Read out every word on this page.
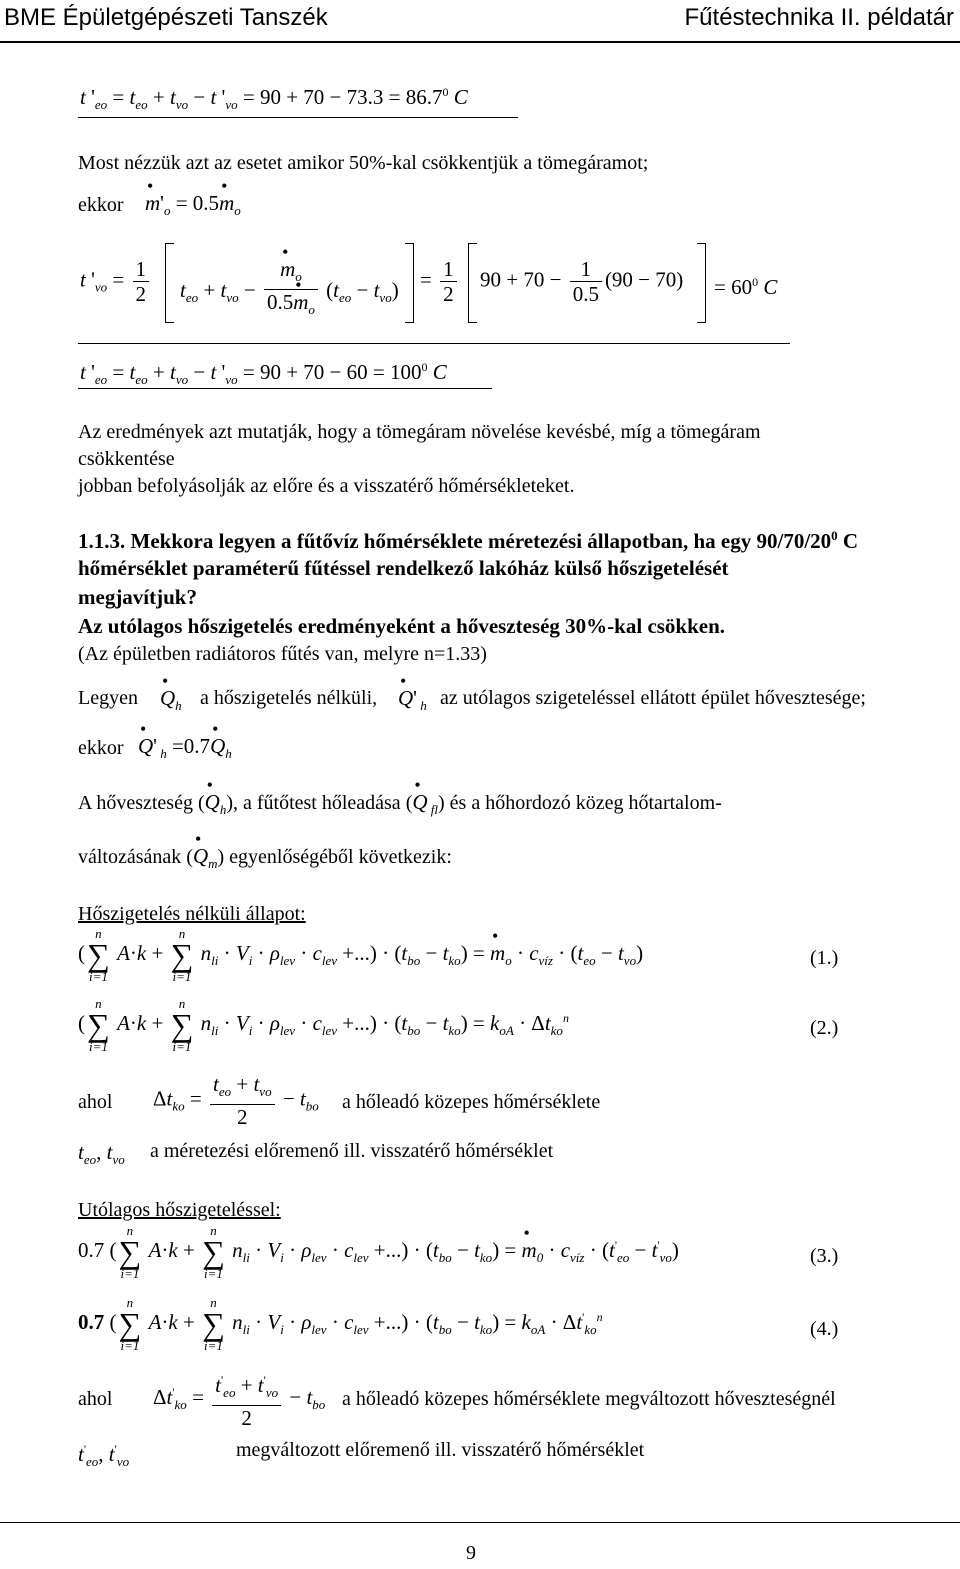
BME Épületgépészeti Tanszék	Fűtéstechnika II. példatár
t '$_{eo} = t_{eo} + t_{vo} - t$ '$_{vo} = 90 + 70 - 73.3 = 86.7^0$ C
Most nézzük azt az esetet amikor 50%-kal csökkentjük a tömegáramot;
ekkor • $m'_o$ = 0.5• $m_o$
t '$_{vo} = \frac{1}{2} t_{eo} + t_{vo}$ − • $\frac{m_o}{0.5• m_o} (t_{eo} - t_{vo}) = \frac{1}{2} 90 + 70 - \frac{1}{0.5} (90 - 70) = 60^0$ C
t '$_{eo} = t_{eo} + t_{vo} - t$ '$_{vo} = 90 + 70 - 60 = 100^0$ C
Az eredmények azt mutatják, hogy a tömegáram növelése kevésbé, míg a tömegáram
csökkentése
jobban befolyásolják az előre és a visszatérő hőmérsékleteket.
1.1.3. Mekkora legyen a fűtővíz hőmérséklete méretezési állapotban, ha egy $90/70/20^0$ C
hőmérséklet paraméterű fűtéssel rendelkező lakóház külső hőszigetelését
megjavítjuk?
Az utólagos hőszigetelés eredményeként a hőveszteség 30%-kal csökken.
(Az épületben radiátoros fűtés van, melyre n=1.33)
Legyen • $Q_h$ a hőszigetelés nélküli, • Q' $_h$ az utólagos szigeteléssel ellátott épület hővesztesége;
ekkor • Q' $_h$ =0.7• $Q_h$
A hőveszteség (• $Q_h$), a fűtőtest hőleadása (• Q $_{fl}$) és a hőhordozó közeg hőtartalom-
változásának (• $Q_m$) egyenlőségéből következik:
Hőszigetelés nélküli állapot:
(
n
∑
i=1
A·k +
n
∑
i=1
$n_{li} \cdot V_i \cdot \rho_{lev} \cdot c_{lev}$ +...) · $(t_{bo} - t_{ko})$ = • $m_o \cdot c_{víz} \cdot (t_{eo} - t_{vo})$	(1.)
(
n
∑
i=1
A·k +
n
∑
i=1
$n_{li} \cdot V_i \cdot \rho_{lev} \cdot c_{lev}$ +...) · $(t_{bo} - t_{ko}) = k_{oA} \cdot \Delta t_{ko}^n$	(2.)
ahol $\Delta t_{ko} = \frac{t_{eo} + t_{vo}}{2} - t_{bo}$ a hőleadó közepes hőmérséklete
$t_{eo}$, $t_{vo}$ a méretezési előremenő ill. visszatérő hőmérséklet
Utólagos hőszigeteléssel:
0.7 (
n
∑
i=1
A·k +
n
∑
i=1
$n_{li} \cdot V_i \cdot \rho_{lev} \cdot c_{lev}$ +...) · $(t_{bo} - t_{ko})$ = • $m_0 \cdot c_{víz} \cdot (t'_{eo} - t'_{vo})$	(3.)
0.7 (
n
∑
i=1
A·k +
n
∑
i=1
$n_{li} \cdot V_i \cdot \rho_{lev} \cdot c_{lev}$ +...) · $(t_{bo} - t_{ko}) = k_{oA} \cdot \Delta t'_{ko}^n$
(4.)
ahol $\Delta t'_{ko} = \frac{t'_{eo} + t'_{vo}}{2} - t_{bo}$ a hőleadó közepes hőmérséklete megváltozott hőveszteségnél
$t'_{eo}$, $t'_{vo}$
megváltozott előremenő ill. visszatérő hőmérséklet
9
